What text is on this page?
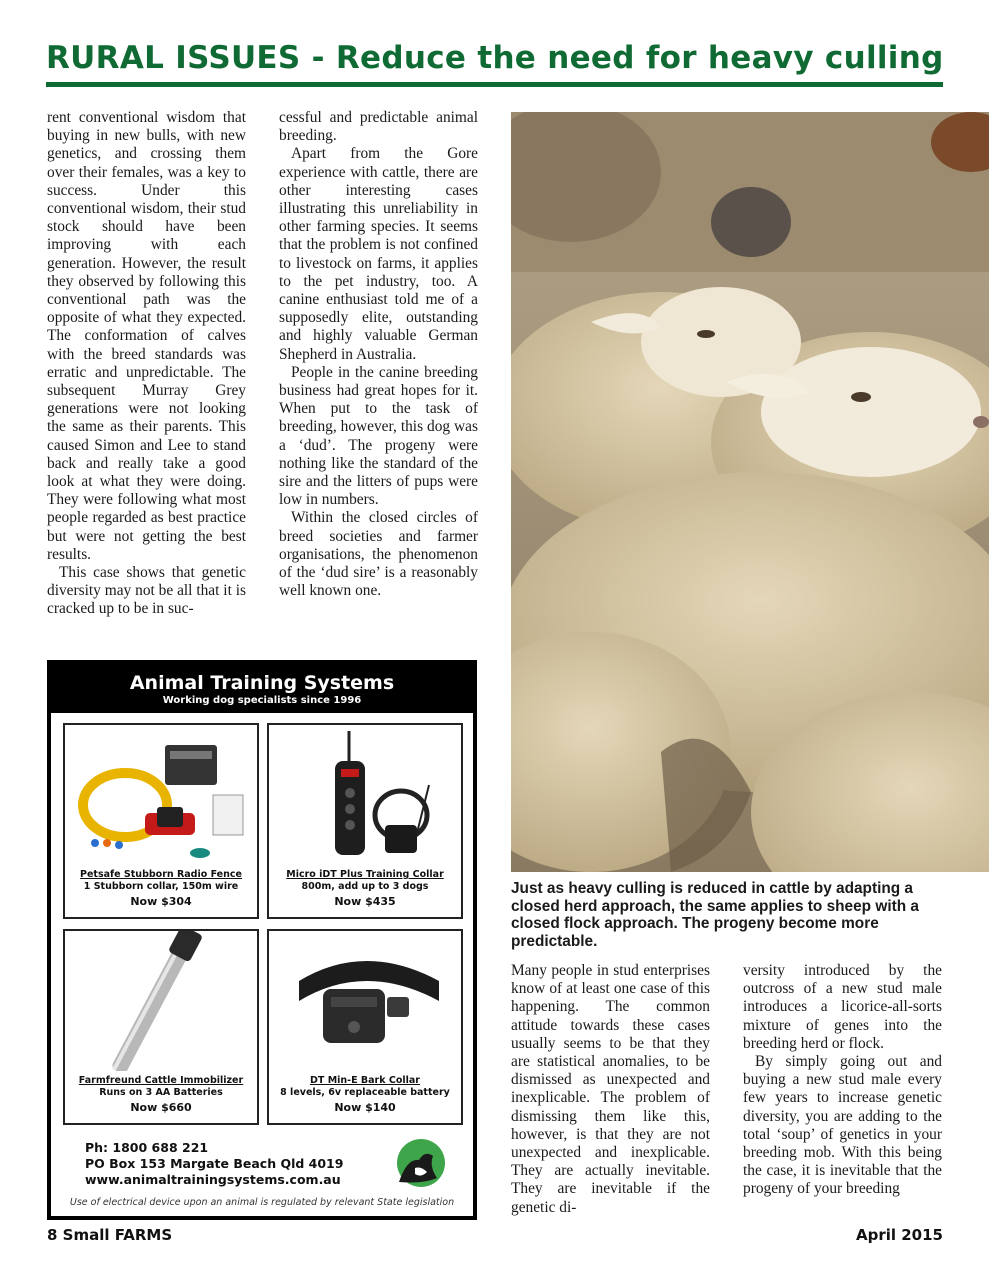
RURAL ISSUES - Reduce the need for heavy culling

rent conventional wisdom that buying in new bulls, with new genetics, and crossing them over their females, was a key to success. Under this conventional wisdom, their stud stock should have been improving with each generation. However, the result they observed by following this conventional path was the opposite of what they expected. The conformation of calves with the breed standards was erratic and unpredictable. The subsequent Murray Grey generations were not looking the same as their parents. This caused Simon and Lee to stand back and really take a good look at what they were doing. They were following what most people regarded as best practice but were not getting the best results.

This case shows that genetic diversity may not be all that it is cracked up to be in suc-

cessful and predictable animal breeding.

Apart from the Gore experience with cattle, there are other interesting cases illustrating this unreliability in other farming species. It seems that the problem is not confined to livestock on farms, it applies to the pet industry, too. A canine enthusiast told me of a supposedly elite, outstanding and highly valuable German Shepherd in Australia.

People in the canine breeding business had great hopes for it. When put to the task of breeding, however, this dog was a ‘dud’. The progeny were nothing like the standard of the sire and the litters of pups were low in numbers.

Within the closed circles of breed societies and farmer organisations, the phenomenon of the ‘dud sire’ is a reasonably well known one.

Just as heavy culling is reduced in cattle by adapting a closed herd approach, the same applies to sheep with a closed flock approach. The progeny become more predictable.

Many people in stud enterprises know of at least one case of this happening. The common attitude towards these cases usually seems to be that they are statistical anomalies, to be dismissed as unexpected and inexplicable. The problem of dismissing them like this, however, is that they are not unexpected and inexplicable. They are actually inevitable. They are inevitable if the genetic di-

versity introduced by the outcross of a new stud male introduces a licorice-all-sorts mixture of genes into the breeding herd or flock.

By simply going out and buying a new stud male every few years to increase genetic diversity, you are adding to the total ‘soup’ of genetics in your breeding mob. With this being the case, it is inevitable that the progeny of your breeding

Animal Training Systems
Working dog specialists since 1996
Petsafe Stubborn Radio Fence
1 Stubborn collar, 150m wire
Now $304
Micro iDT Plus Training Collar
800m, add up to 3 dogs
Now $435
Farmfreund Cattle Immobilizer
Runs on 3 AA Batteries
Now $660
DT Min-E Bark Collar
8 levels, 6v replaceable battery
Now $140
Ph: 1800 688 221
PO Box 153 Margate Beach Qld 4019
www.animaltrainingsystems.com.au
Use of electrical device upon an animal is regulated by relevant State legislation
8 Small FARMS	April 2015
